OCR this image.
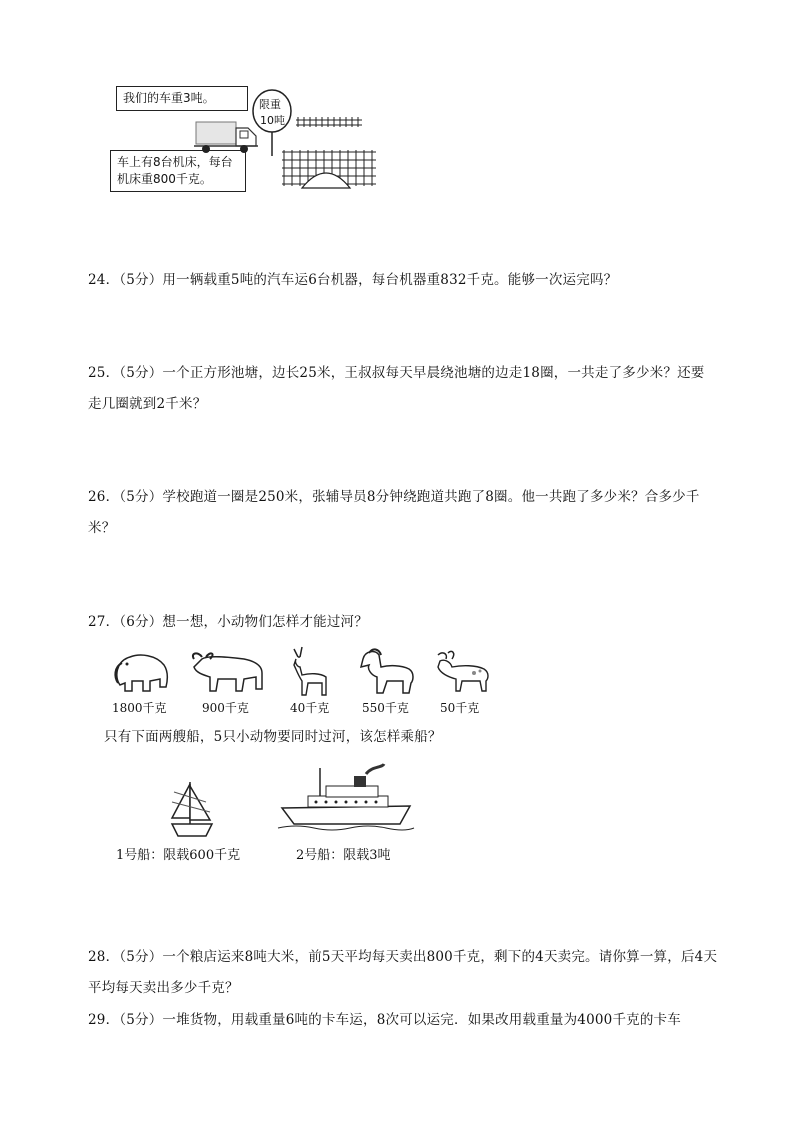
我们的车重3吨。
车上有8台机床，每台机床重800千克。
限重
10吨
24．（5分）用一辆载重5吨的汽车运6台机器，每台机器重832千克。能够一次运完吗？
25．（5分）一个正方形池塘，边长25米，王叔叔每天早晨绕池塘的边走18圈，一共走了多少米？还要走几圈就到2千米？
26．（5分）学校跑道一圈是250米，张辅导员8分钟绕跑道共跑了8圈。他一共跑了多少米？合多少千米？
27．（6分）想一想，小动物们怎样才能过河？
1800千克	900千克	40千克	550千克	50千克
只有下面两艘船，5只小动物要同时过河，该怎样乘船？
1号船：限载600千克	2号船：限载3吨
28．（5分）一个粮店运来8吨大米，前5天平均每天卖出800千克，剩下的4天卖完。请你算一算，后4天平均每天卖出多少千克？
29．（5分）一堆货物，用载重量6吨的卡车运，8次可以运完．如果改用载重量为4000千克的卡车
